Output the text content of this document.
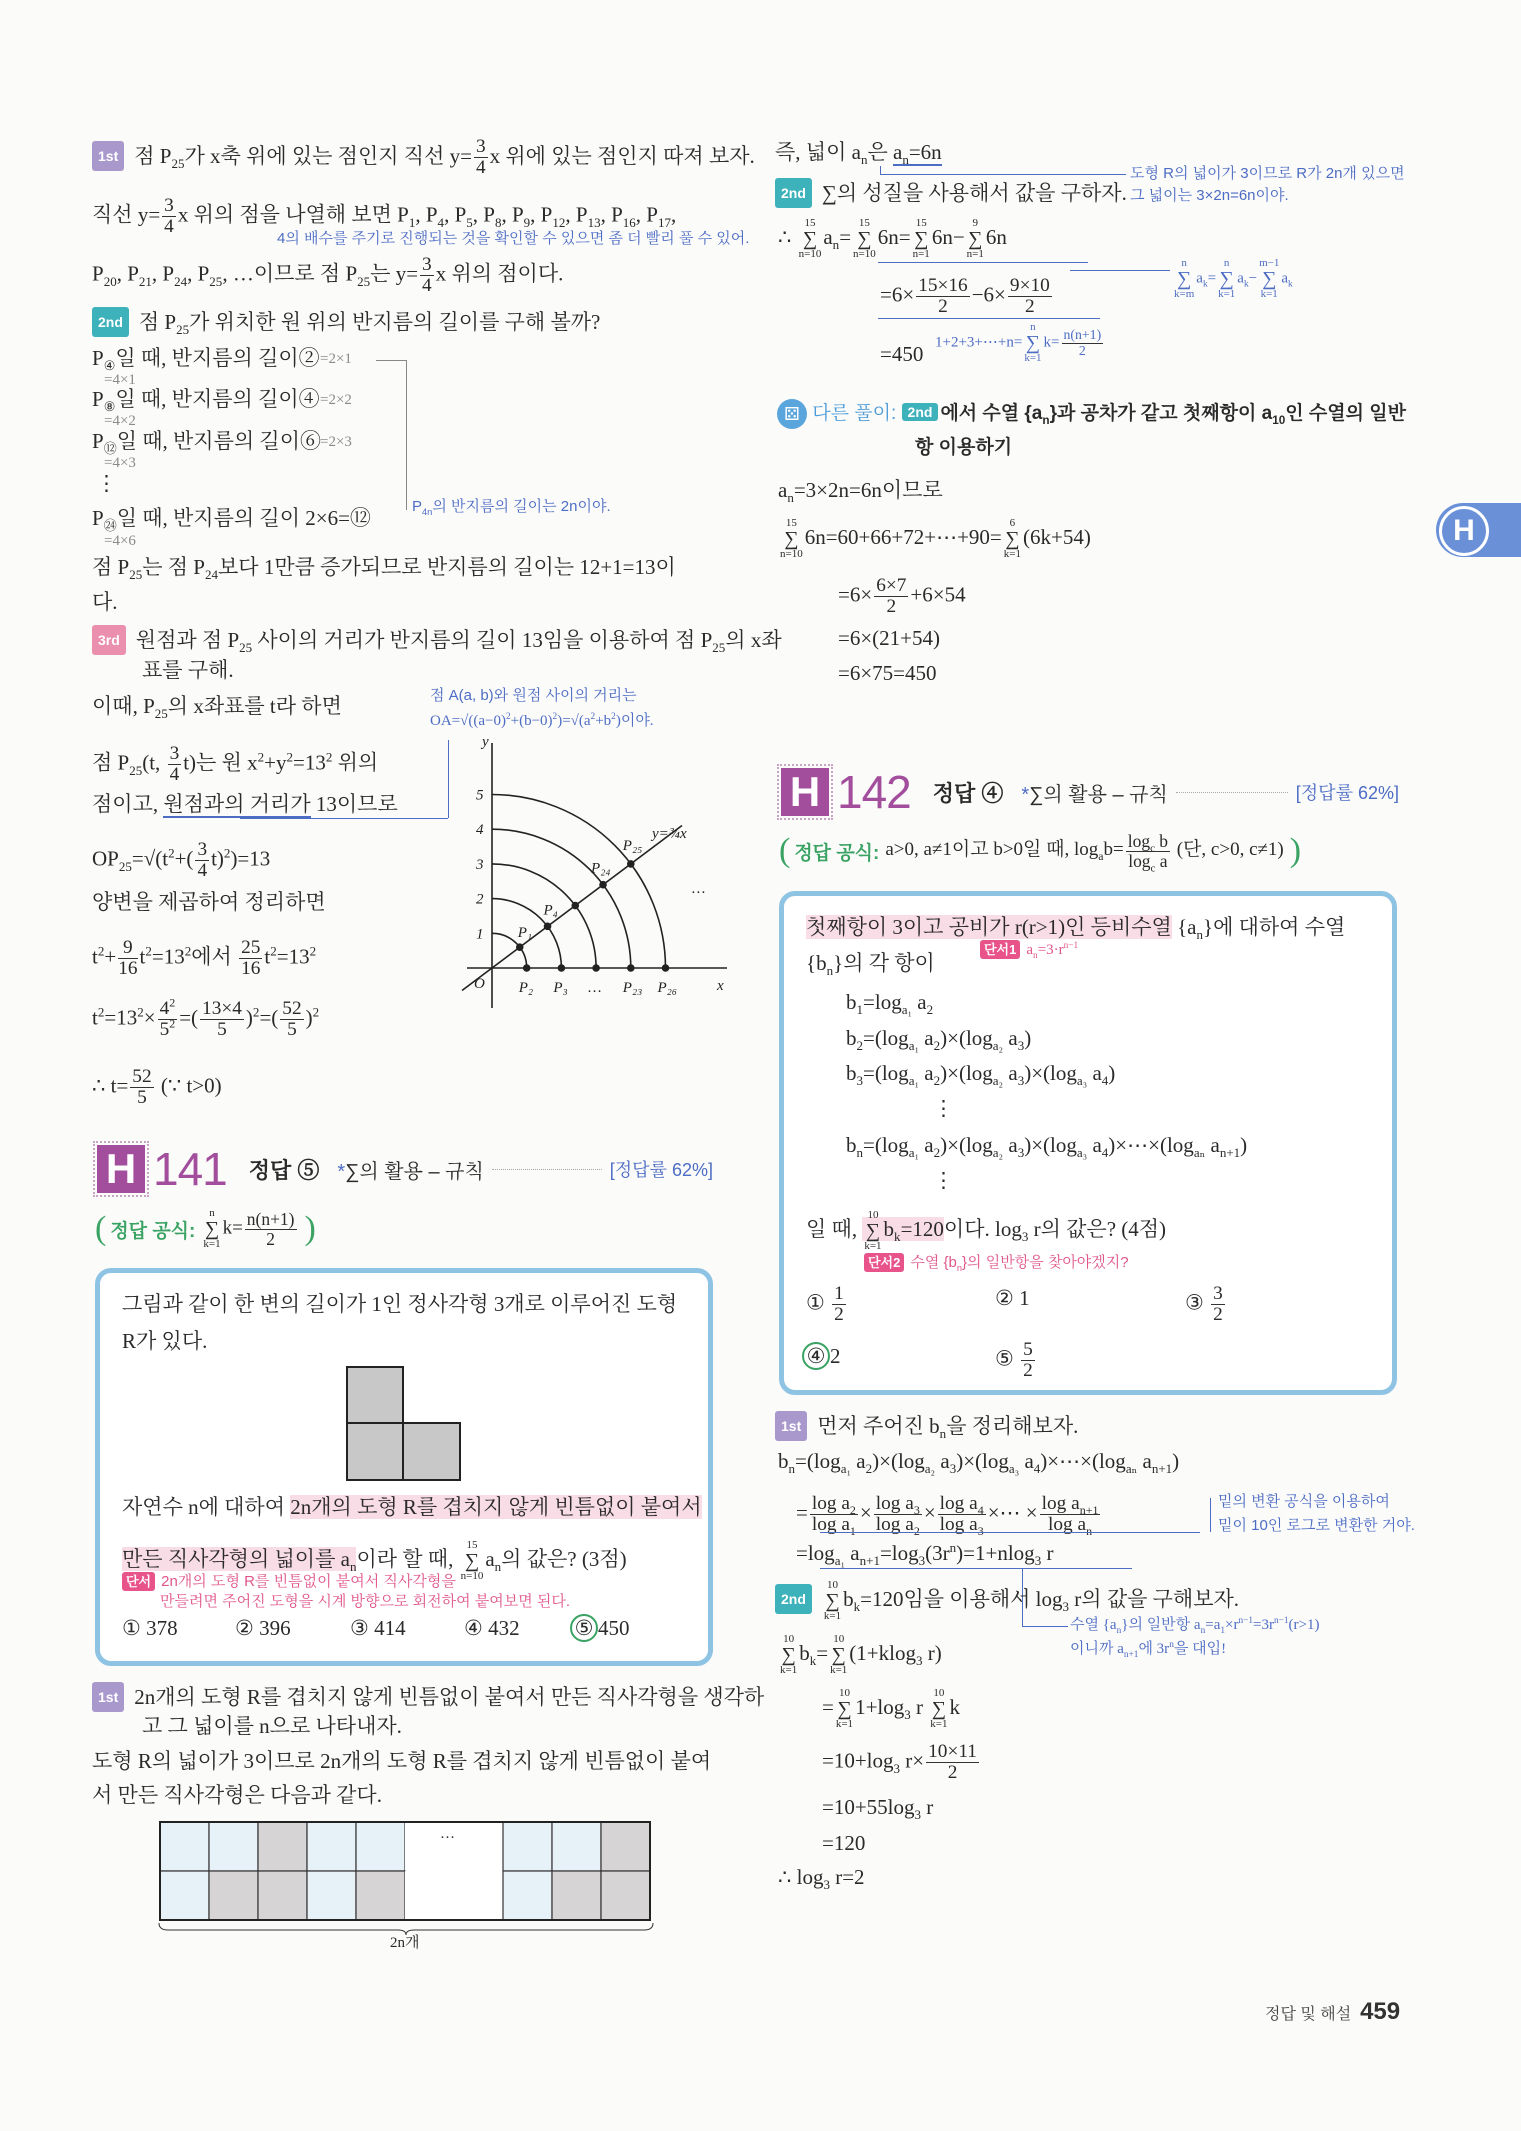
1st 점 $P_{25}$가 x축 위에 있는 점인지 직선 $y= \frac{3}{4}$ x 위에 있는 점인지 따져 보자.
직선 $y= \frac{3}{4}$ x 위의 점을 나열해 보면 $P_1$, $P_4$, $P_5$, $P_8$, $P_9$, $P_{12}$, $P_{13}$, $P_{16}$, $P_{17}$,
4의 배수를 주기로 진행되는 것을 확인할 수 있으면 좀 더 빨리 풀 수 있어.
$P_{20}$, $P_{21}$, $P_{24}$, $P_{25}$, …이므로 점 $P_{25}$는 $y= \frac{3}{4}$ x 위의 점이다.
2nd 점 $P_{25}$가 위치한 원 위의 반지름의 길이를 구해 볼까?
$P_④$일 때, 반지름의 길이② =2×1
=4×1
$P_⑧$일 때, 반지름의 길이④ =2×2
=4×2
$P_⑫$일 때, 반지름의 길이⑥ =2×3
=4×3
⋮
$P_㉔$일 때, 반지름의 길이 2×6=⑫
=4×6
$P_{4n}$의 반지름의 길이는 2n이야.
점 $P_{25}$는 점 $P_{24}$보다 1만큼 증가되므로 반지름의 길이는 12+1=13이
다.
3rd 원점과 점 $P_{25}$ 사이의 거리가 반지름의 길이 13임을 이용하여 점 $P_{25}$의 x좌
표를 구해.
이때, $P_{25}$의 x좌표를 t라 하면	점 A(a, b)와 원점 사이의 거리는
$OA=√((a-0)^2+(b-0)^2)=√(a^2+b^2)$이야.
점 $P_{25}(t$, $\frac{3}{4} t$)는 원 $x^2+y^2=13^2$ 위의
점이고, 원점과의 거리가 13이므로
$OP_{25}=√(t^2+( \frac{3}{4} t)^2)=13$
양변을 제곱하여 정리하면
$t^2+ \frac{9}{16} t^2=13^2$에서 $\frac{25}{16} t^2=13^2$
$t^2=13^2\times \frac{4^2}{5^2}$ =( $\frac{13\times 4}{5} )^2=( \frac{52}{5} )^2$
∴ $t= \frac{52}{5}$ (∵ t>0)
1
2
3
4
5
y
x
O
P₁
P₄
P₂₄
P₂₅
P₂ P₃ … P₂₃ P₂₆
y=¾x
…
H 141 정답 ⑤ *∑의 활용 – 규칙	[정답률 62%]
( 정답 공식:
n
∑
k=1
$k= \frac{n(n+1)}{2}$ )
그림과 같이 한 변의 길이가 1인 정사각형 3개로 이루어진 도형
R가 있다.
자연수 n에 대하여 2n개의 도형 R를 겹치지 않게 빈틈없이 붙여서
만든 직사각형의 넓이를 $a_n$이라 할 때,
15
∑
n=10
$a_n$의 값은? (3점)
단서 2n개의 도형 R를 빈틈없이 붙여서 직사각형을
만들려면 주어진 도형을 시계 방향으로 회전하여 붙여보면 된다.
① 378	② 396	③ 414	④ 432	⑤ 450
1st 2n개의 도형 R를 겹치지 않게 빈틈없이 붙여서 만든 직사각형을 생각하
고 그 넓이를 n으로 나타내자.
도형 R의 넓이가 3이므로 2n개의 도형 R를 겹치지 않게 빈틈없이 붙여
서 만든 직사각형은 다음과 같다.
…
2n개
즉, 넓이 $a_n$은 $a_n=6n$
도형 R의 넓이가 3이므로 R가 2n개 있으면
그 넓이는 3×2n=6n이야.
2nd ∑의 성질을 사용해서 값을 구하자.
∴
15
∑
n=10
$a_n=$
15
∑
n=10
6n=
15
∑
n=1
6n−
9
∑
n=1
6n
n
∑
k=m
$a_k=$
n
∑
k=1
$a_k-$
m−1
∑
k=1
$a_k$
$=6\times \frac{15\times 16}{2} -6\times \frac{9\times 10}{2}$
1+2+3+⋯+n=
n
∑
k=1
$k= \frac{n(n+1)}{2}$
=450
⚄ 다른 풀이: 2nd 에서 수열 $\{a_n\}$과 공차가 같고 첫째항이 $a_{10}$인 수열의 일반
항 이용하기
$a_n=3\times 2n=6n$이므로
15
∑
n=10
6n=60+66+72+⋯+90=
6
∑
k=1
(6k+54)
$=6\times \frac{6\times 7}{2} +6\times 54$
=6×(21+54)
=6×75=450
H
H 142 정답 ④ *∑의 활용 – 규칙	[정답률 62%]
( 정답 공식: a>0, a≠1이고 b>0일 때, $\log_ab= \frac{\log_c b}{\log_c a}$ (단, c>0, c≠1) )
첫째항이 3이고 공비가 r(r>1)인 등비수열 $\{a_n\}$에 대하여 수열
$\{b_n\}$의 각 항이
단서1 $a_n=3\cdot r^{n-1}$
$b_1=\log_{a_1}$ $a_2$
$b_2=(\log_{a_1}$ $a_2)\times(\log_{a_2}$ $a_3$)
$b_3=(\log_{a_1}$ $a_2)\times(\log_{a_2}$ $a_3)\times(\log_{a_3}$ $a_4$)
⋮
$b_n=(\log_{a_1}$ $a_2)\times(\log_{a_2}$ $a_3)\times(\log_{a_3}$ $a_4)\times\cdots\times(\log_{a_n}$ $a_{n+1}$)
⋮
일 때,
10
∑
k=1
$b_k=120$이다. $\log_3 r$의 값은? (4점)
단서2 수열 $\{b_n\}$의 일반항을 찾아야겠지?
① $\frac{1}{2}$	② 1	③ $\frac{3}{2}$
④ 2	⑤ $\frac{5}{2}$
1st 먼저 주어진 $b_n$을 정리해보자.
$b_n=(\log_{a_1}$ $a_2)\times(\log_{a_2}$ $a_3)\times(\log_{a_3}$ $a_4)\times\cdots\times(\log_{a_n}$ $a_{n+1}$)
= $\frac{\log a_2}{\log a_1} \times \frac{\log a_3}{\log a_2} \times \frac{\log a_4}{\log a_3}$ ×⋯ × $\frac{\log a_{n+1}}{\log a_n}$	밑의 변환 공식을 이용하여
밑이 10인 로그로 변환한 거야.
$=\log_{a_1}$ $a_{n+1}=\log_3(3r^n)=1+nlog_3$ r
2nd
10
∑
k=1
$b_k=120$임을 이용해서 $\log_3 r$의 값을 구해보자.
수열 $\{a_n\}$의 일반항 $a_n=a_1\times r^{n-1}=3r^{n-1}(r>1)$
이니까 $a_{n+1}$에 $3r^n$을 대입!
10
∑
k=1
$b_k=$
10
∑
k=1
(1+klog$_3$ r)
=
10
∑
k=1
$1+\log_3$ r
10
∑
k=1
k
$=10+\log_3$ $r\times \frac{10\times 11}{2}$
$=10+55\log_3$ r
=120
∴ $\log_3 r=2$
정답 및 해설 459
